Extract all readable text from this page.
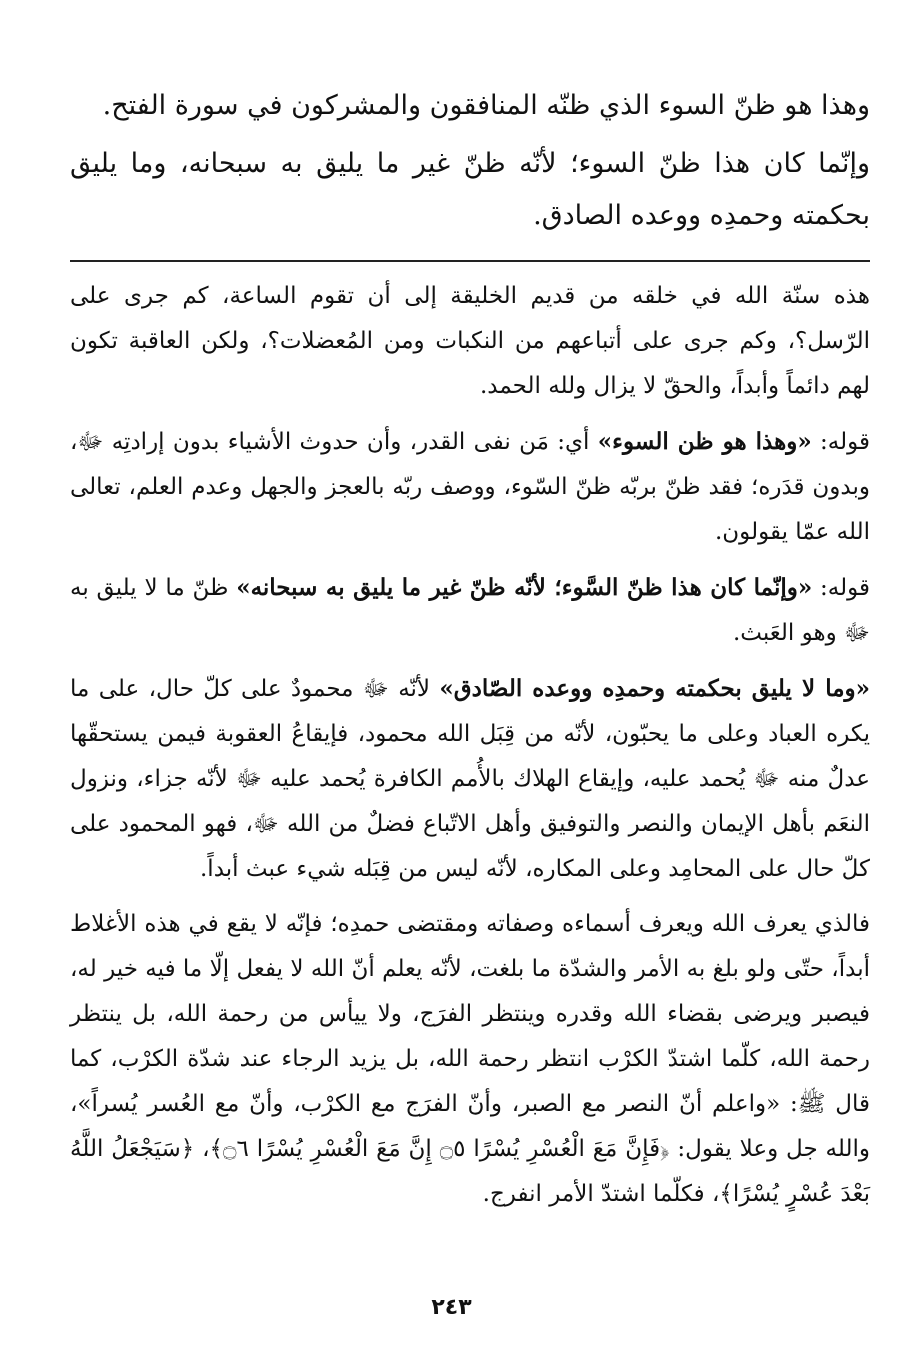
وهذا هو ظنّ السوء الذي ظنّه المنافقون والمشركون في سورة الفتح.

وإنّما كان هذا ظنّ السوء؛ لأنّه ظنّ غير ما يليق به سبحانه، وما يليق بحكمته وحمدِه ووعده الصادق.

هذه سنّة الله في خلقه من قديم الخليقة إلى أن تقوم الساعة، كم جرى على الرّسل؟، وكم جرى على أتباعهم من النكبات ومن المُعضلات؟، ولكن العاقبة تكون لهم دائماً وأبداً، والحقّ لا يزال ولله الحمد.

قوله: «وهذا هو ظن السوء» أي: مَن نفى القدر، وأن حدوث الأشياء بدون إرادتِه ﷻ، وبدون قدَره؛ فقد ظنّ بربّه ظنّ السّوء، ووصف ربّه بالعجز والجهل وعدم العلم، تعالى الله عمّا يقولون.

قوله: «وإنّما كان هذا ظنّ السَّوء؛ لأنّه ظنّ غير ما يليق به سبحانه» ظنّ ما لا يليق به ﷻ وهو العَبث.

«وما لا يليق بحكمته وحمدِه ووعده الصّادق» لأنّه ﷻ محمودٌ على كلّ حال، على ما يكره العباد وعلى ما يحبّون، لأنّه من قِبَل الله محمود، فإيقاعُ العقوبة فيمن يستحقّها عدلٌ منه ﷻ يُحمد عليه، وإيقاع الهلاك بالأُمم الكافرة يُحمد عليه ﷻ لأنّه جزاء، ونزول النعَم بأهل الإيمان والنصر والتوفيق وأهل الاتّباع فضلٌ من الله ﷻ، فهو المحمود على كلّ حال على المحامِد وعلى المكاره، لأنّه ليس من قِبَله شيء عبث أبداً.

فالذي يعرف الله ويعرف أسماءه وصفاته ومقتضى حمدِه؛ فإنّه لا يقع في هذه الأغلاط أبداً، حتّى ولو بلغ به الأمر والشدّة ما بلغت، لأنّه يعلم أنّ الله لا يفعل إلّا ما فيه خير له، فيصبر ويرضى بقضاء الله وقدره وينتظر الفرَج، ولا ييأس من رحمة الله، بل ينتظر رحمة الله، كلّما اشتدّ الكرْب انتظر رحمة الله، بل يزيد الرجاء عند شدّة الكرْب، كما قال ﷺ: «واعلم أنّ النصر مع الصبر، وأنّ الفرَج مع الكرْب، وأنّ مع العُسر يُسراً»، والله جل وعلا يقول: ﴿فَإِنَّ مَعَ الْعُسْرِ يُسْرًا ۝٥ إِنَّ مَعَ الْعُسْرِ يُسْرًا ۝٦﴾، ﴿سَيَجْعَلُ اللَّهُ بَعْدَ عُسْرٍ يُسْرًا﴾، فكلّما اشتدّ الأمر انفرج.

٢٤٣
